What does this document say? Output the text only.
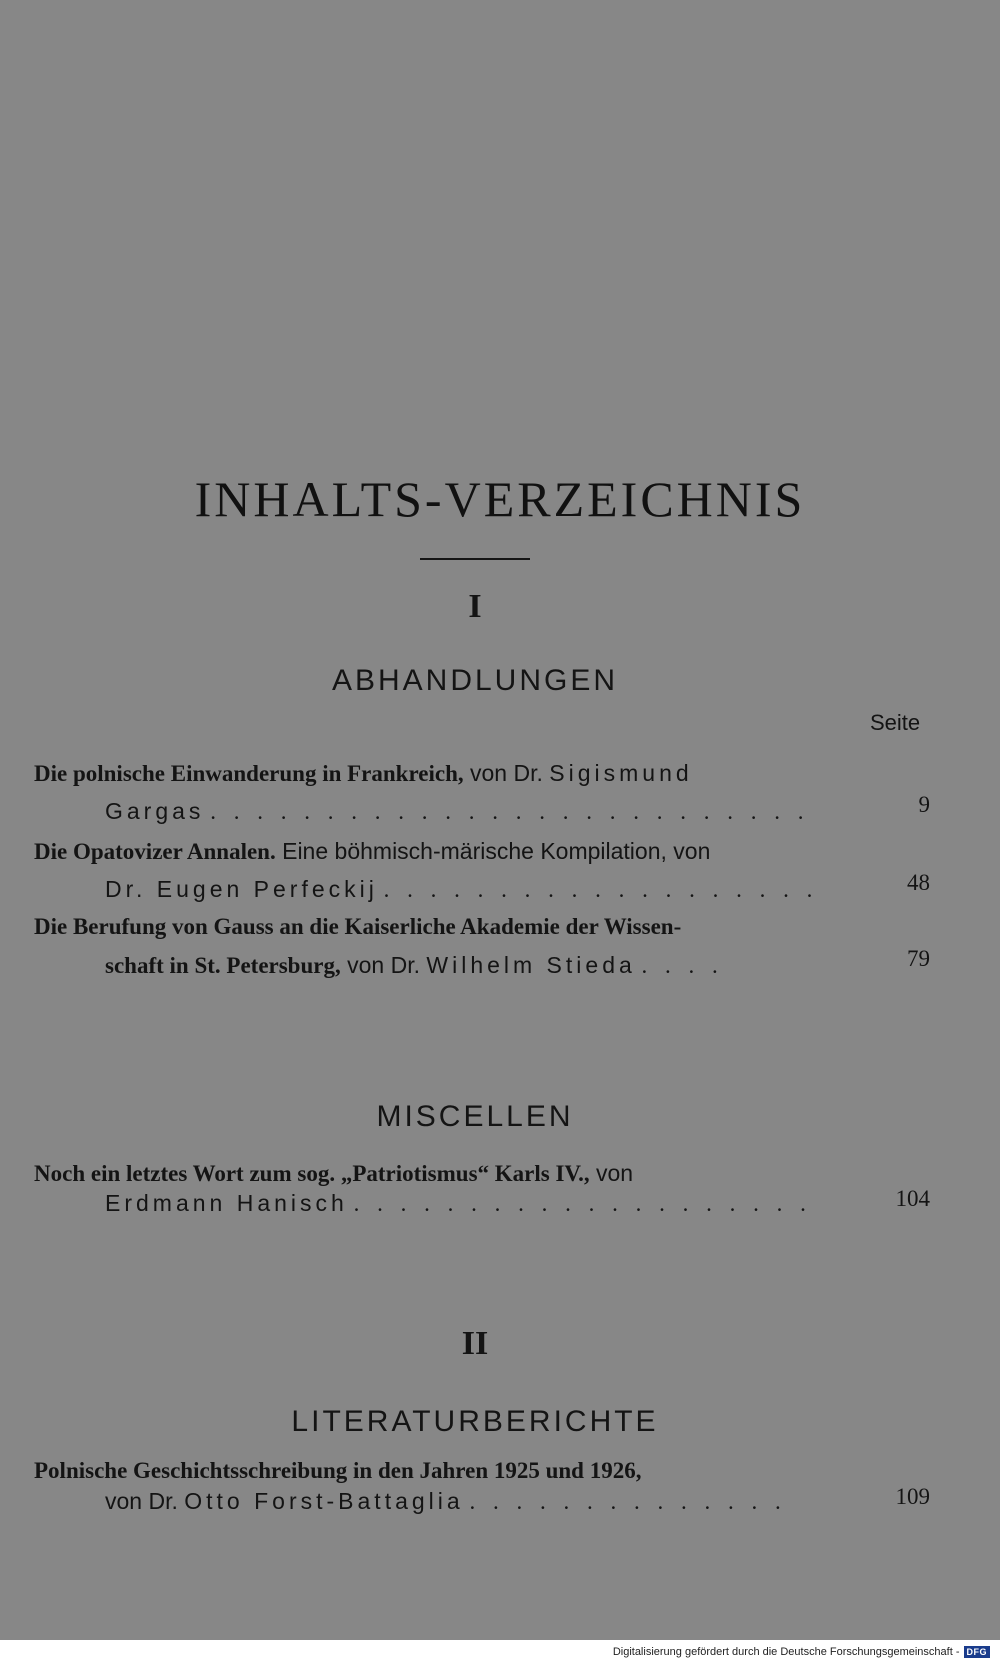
INHALTS-VERZEICHNIS
I
ABHANDLUNGEN
Seite
Die polnische Einwanderung in Frankreich, von Dr. Sigismund
Gargas . . . . . . . . . . . . . . . . . . . . . . . . . .	9
Die Opatovizer Annalen. Eine böhmisch-märische Kompilation, von
Dr. Eugen Perfeckij . . . . . . . . . . . . . . . . . . .	48
Die Berufung von Gauss an die Kaiserliche Akademie der Wissen-
schaft in St. Petersburg, von Dr. Wilhelm Stieda . . . .	79
MISCELLEN
Noch ein letztes Wort zum sog. „Patriotismus“ Karls IV., von
Erdmann Hanisch . . . . . . . . . . . . . . . . . . . .	104
II
LITERATURBERICHTE
Polnische Geschichtsschreibung in den Jahren 1925 und 1926,
von Dr. Otto Forst-Battaglia . . . . . . . . . . . . . .	109
Digitalisierung gefördert durch die Deutsche Forschungsgemeinschaft - DFG
